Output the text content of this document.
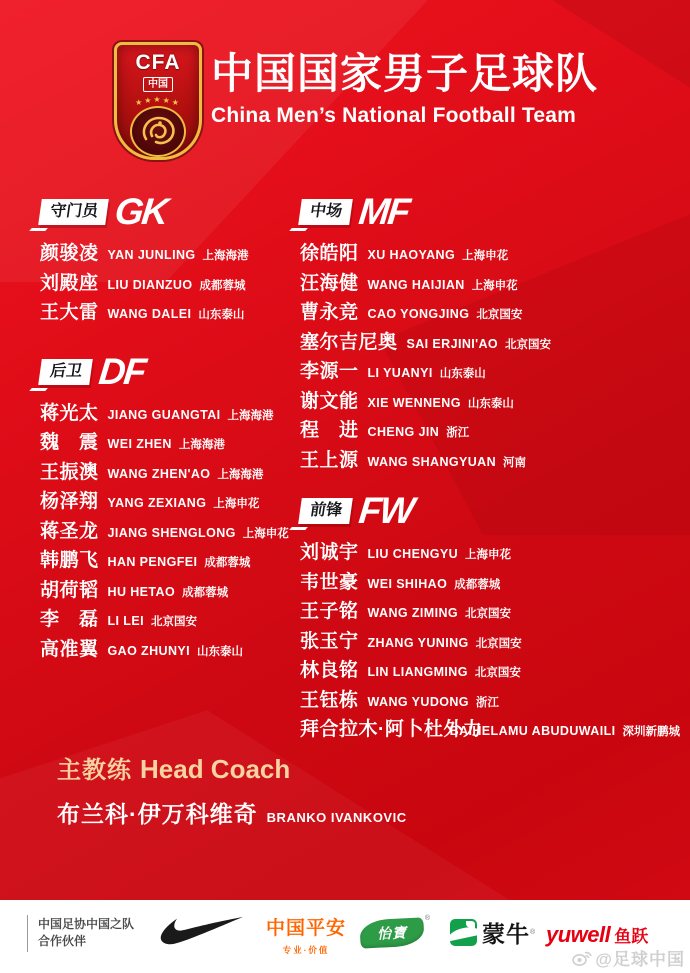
CFA
中国
★★★★★
中国国家男子足球队
China Men’s National Football Team
守门员 GK
颜骏凌 YAN JUNLING 上海海港
刘殿座 LIU DIANZUO 成都蓉城
王大雷 WANG DALEI 山东泰山
后卫 DF
蒋光太 JIANG GUANGTAI 上海海港
魏　震 WEI ZHEN 上海海港
王振澳 WANG ZHEN'AO 上海海港
杨泽翔 YANG ZEXIANG 上海申花
蒋圣龙 JIANG SHENGLONG 上海申花
韩鹏飞 HAN PENGFEI 成都蓉城
胡荷韬 HU HETAO 成都蓉城
李　磊 LI LEI 北京国安
高准翼 GAO ZHUNYI 山东泰山
中场 MF
徐皓阳 XU HAOYANG 上海申花
汪海健 WANG HAIJIAN 上海申花
曹永竞 CAO YONGJING 北京国安
塞尔吉尼奥 SAI ERJINI'AO 北京国安
李源一 LI YUANYI 山东泰山
谢文能 XIE WENNENG 山东泰山
程　进 CHENG JIN 浙江
王上源 WANG SHANGYUAN 河南
前锋 FW
刘诚宇 LIU CHENGYU 上海申花
韦世豪 WEI SHIHAO 成都蓉城
王子铭 WANG ZIMING 北京国安
张玉宁 ZHANG YUNING 北京国安
林良铭 LIN LIANGMING 北京国安
王钰栋 WANG YUDONG 浙江
拜合拉木·阿卜杜外力
BAIHELAMU ABUDUWAILI 深圳新鹏城
主教练 Head Coach
布兰科·伊万科维奇 BRANKO IVANKOVIC
中国足协中国之队
合作伙伴
中国平安
专业·价值
怡寶
®
蒙牛 ® yuwell 鱼跃
@足球中国
